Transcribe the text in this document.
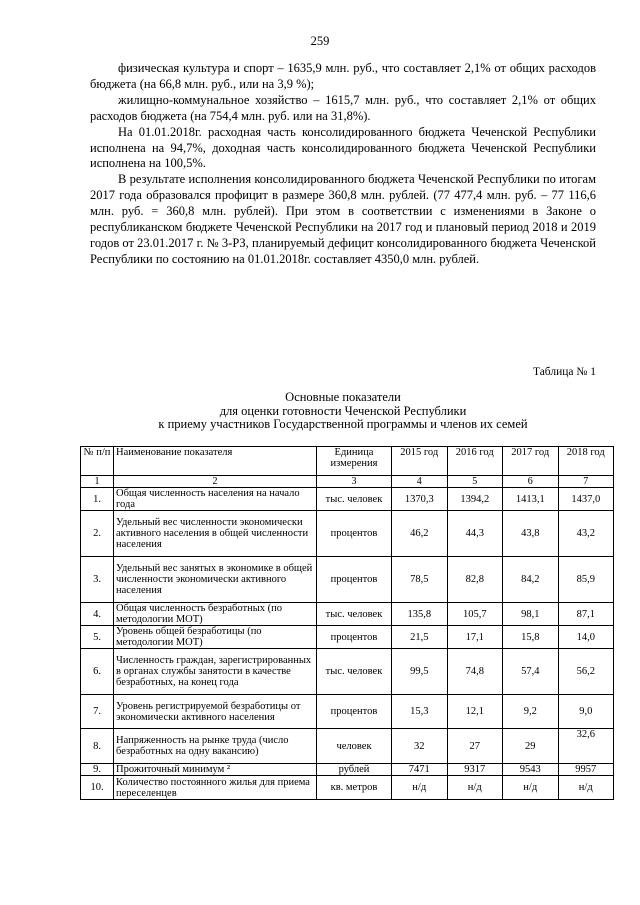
259

физическая культура и спорт – 1635,9 млн. руб., что составляет 2,1% от общих расходов бюджета (на 66,8 млн. руб., или на 3,9 %);

жилищно-коммунальное хозяйство – 1615,7 млн. руб., что составляет 2,1% от общих расходов бюджета (на 754,4 млн. руб. или на 31,8%).

На 01.01.2018г. расходная часть консолидированного бюджета Чеченской Республики исполнена на 94,7%, доходная часть консолидированного бюджета Чеченской Республики исполнена на 100,5%.

В результате исполнения консолидированного бюджета Чеченской Республики по итогам 2017 года образовался профицит в размере 360,8 млн. рублей. (77 477,4 млн. руб. – 77 116,6 млн. руб. = 360,8 млн. рублей). При этом в соответствии с изменениями в Законе о республиканском бюджете Чеченской Республики на 2017 год и плановый период 2018 и 2019 годов от 23.01.2017 г. № 3-РЗ, планируемый дефицит консолидированного бюджета Чеченской Республики по состоянию на 01.01.2018г. составляет 4350,0 млн. рублей.

Таблица № 1
Основные показатели
для оценки готовности Чеченской Республики
к приему участников Государственной программы и членов их семей
№ п/п	Наименование показателя	Единица измерения	2015 год	2016 год	2017 год	2018 год
1	2	3	4	5	6	7
1.	Общая численность населения на начало года	тыс. человек	1370,3	1394,2	1413,1	1437,0
2.	Удельный вес численности экономически активного населения в общей численности населения	процентов	46,2	44,3	43,8	43,2
3.	Удельный вес занятых в экономике в общей численности экономически активного населения	процентов	78,5	82,8	84,2	85,9
4.	Общая численность безработных (по методологии МОТ)	тыс. человек	135,8	105,7	98,1	87,1
5.	Уровень общей безработицы (по методологии МОТ)	процентов	21,5	17,1	15,8	14,0
6.	Численность граждан, зарегистрированных в органах службы занятости в качестве безработных, на конец года	тыс. человек	99,5	74,8	57,4	56,2
7.	Уровень регистрируемой безработицы от экономически активного населения	процентов	15,3	12,1	9,2	9,0
8.	Напряженность на рынке труда (число безработных на одну вакансию)	человек	32	27	29	32,6
9.	Прожиточный минимум ²	рублей	7471	9317	9543	9957
10.	Количество постоянного жилья для приема переселенцев	кв. метров	н/д	н/д	н/д	н/д
